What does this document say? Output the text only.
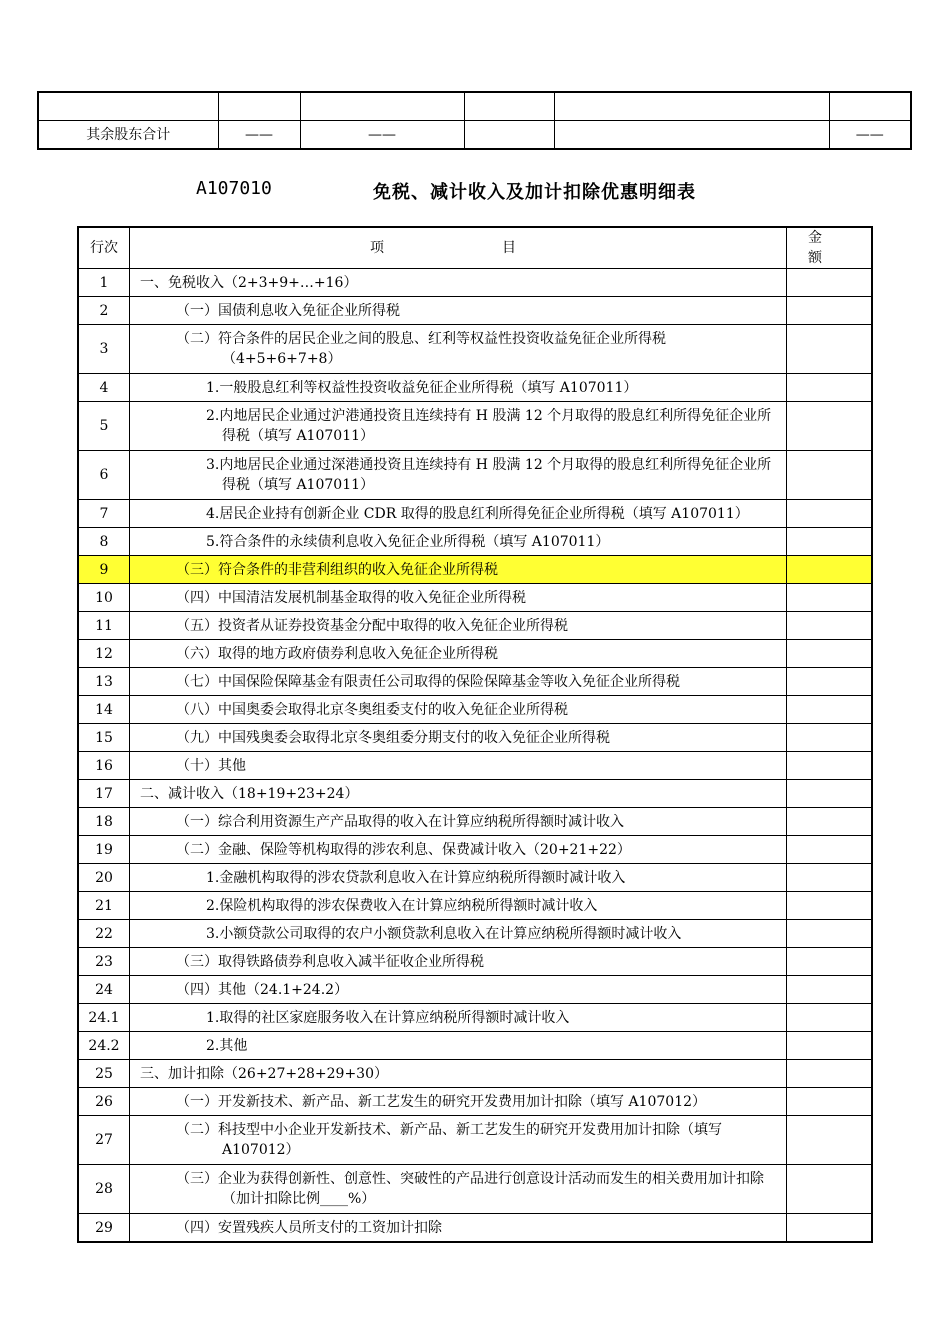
其余股东合计	——	——			——
A107010	免税、减计收入及加计扣除优惠明细表
行次	项　　目	金　额
1	一、免税收入（2+3+9+…+16）	

2	（一）国债利息收入免征企业所得税	

3	（二）符合条件的居民企业之间的股息、红利等权益性投资收益免征企业所得税（4+5+6+7+8）	

4	1.一般股息红利等权益性投资收益免征企业所得税（填写 A107011）	

5	2.内地居民企业通过沪港通投资且连续持有 H 股满 12 个月取得的股息红利所得免征企业所得税（填写 A107011）	

6	3.内地居民企业通过深港通投资且连续持有 H 股满 12 个月取得的股息红利所得免征企业所得税（填写 A107011）	

7	4.居民企业持有创新企业 CDR 取得的股息红利所得免征企业所得税（填写 A107011）	

8	5.符合条件的永续债利息收入免征企业所得税（填写 A107011）	

9	（三）符合条件的非营利组织的收入免征企业所得税	

10	（四）中国清洁发展机制基金取得的收入免征企业所得税	

11	（五）投资者从证券投资基金分配中取得的收入免征企业所得税	

12	（六）取得的地方政府债券利息收入免征企业所得税	

13	（七）中国保险保障基金有限责任公司取得的保险保障基金等收入免征企业所得税	

14	（八）中国奥委会取得北京冬奥组委支付的收入免征企业所得税	

15	（九）中国残奥委会取得北京冬奥组委分期支付的收入免征企业所得税	

16	（十）其他	

17	二、减计收入（18+19+23+24）	

18	（一）综合利用资源生产产品取得的收入在计算应纳税所得额时减计收入	

19	（二）金融、保险等机构取得的涉农利息、保费减计收入（20+21+22）	

20	1.金融机构取得的涉农贷款利息收入在计算应纳税所得额时减计收入	

21	2.保险机构取得的涉农保费收入在计算应纳税所得额时减计收入	

22	3.小额贷款公司取得的农户小额贷款利息收入在计算应纳税所得额时减计收入	

23	（三）取得铁路债券利息收入减半征收企业所得税	

24	（四）其他（24.1+24.2）	

24.1	1.取得的社区家庭服务收入在计算应纳税所得额时减计收入	

24.2	2.其他	

25	三、加计扣除（26+27+28+29+30）	

26	（一）开发新技术、新产品、新工艺发生的研究开发费用加计扣除（填写 A107012）	

27	（二）科技型中小企业开发新技术、新产品、新工艺发生的研究开发费用加计扣除（填写 A107012）	

28	（三）企业为获得创新性、创意性、突破性的产品进行创意设计活动而发生的相关费用加计扣除（加计扣除比例____%）	

29	（四）安置残疾人员所支付的工资加计扣除	
